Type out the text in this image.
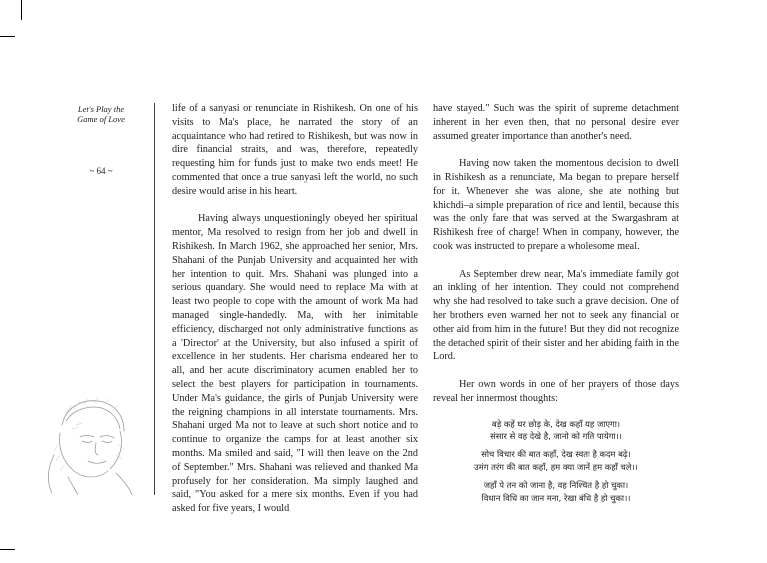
Let's Play the
Game of Love
~ 64 ~

life of a sanyasi or renunciate in Rishikesh. On one of his visits to Ma's place, he narrated the story of an acquaintance who had retired to Rishikesh, but was now in dire financial straits, and was, therefore, repeatedly requesting him for funds just to make two ends meet! He commented that once a true sanyasi left the world, no such desire would arise in his heart.

Having always unquestioningly obeyed her spiritual mentor, Ma resolved to resign from her job and dwell in Rishikesh. In March 1962, she approached her senior, Mrs. Shahani of the Punjab University and acquainted her with her intention to quit. Mrs. Shahani was plunged into a serious quandary. She would need to replace Ma with at least two people to cope with the amount of work Ma had managed single-handedly. Ma, with her inimitable efficiency, discharged not only administrative functions as a 'Director' at the University, but also infused a spirit of excellence in her students. Her charisma endeared her to all, and her acute discriminatory acumen enabled her to select the best players for participation in tournaments. Under Ma's guidance, the girls of Punjab University were the reigning champions in all interstate tournaments. Mrs. Shahani urged Ma not to leave at such short notice and to continue to organize the camps for at least another six months. Ma smiled and said, "I will then leave on the 2nd of September." Mrs. Shahani was relieved and thanked Ma profusely for her consideration. Ma simply laughed and said, "You asked for a mere six months. Even if you had asked for five years, I would

have stayed." Such was the spirit of supreme detachment inherent in her even then, that no personal desire ever assumed greater importance than another's need.

Having now taken the momentous decision to dwell in Rishikesh as a renunciate, Ma began to prepare herself for it. Whenever she was alone, she ate nothing but khichdi–a simple preparation of rice and lentil, because this was the only fare that was served at the Swargashram at Rishikesh free of charge! When in company, however, the cook was instructed to prepare a wholesome meal.

As September drew near, Ma's immediate family got an inkling of her intention. They could not comprehend why she had resolved to take such a grave decision. One of her brothers even warned her not to seek any financial or other aid from him in the future! But they did not recognize the detached spirit of their sister and her abiding faith in the Lord.

Her own words in one of her prayers of those days reveal her innermost thoughts:

बड़े कहें घर छोड़ के, देख कहाँ यह जाएगा।
संसार से वह देखे है, जानो को गति पायेगा।।
सोच विचार की बात कहाँ, देख स्वतः है कदम बढ़े।
उमंग तरंग की बात कहाँ, हम क्या जानें हम कहाँ चले।।
जहाँ पे तन को जाना है, वह निश्चित है हो चुका।
विधान विधि का जान मना, रेखा बंधि है हो चुका।।
